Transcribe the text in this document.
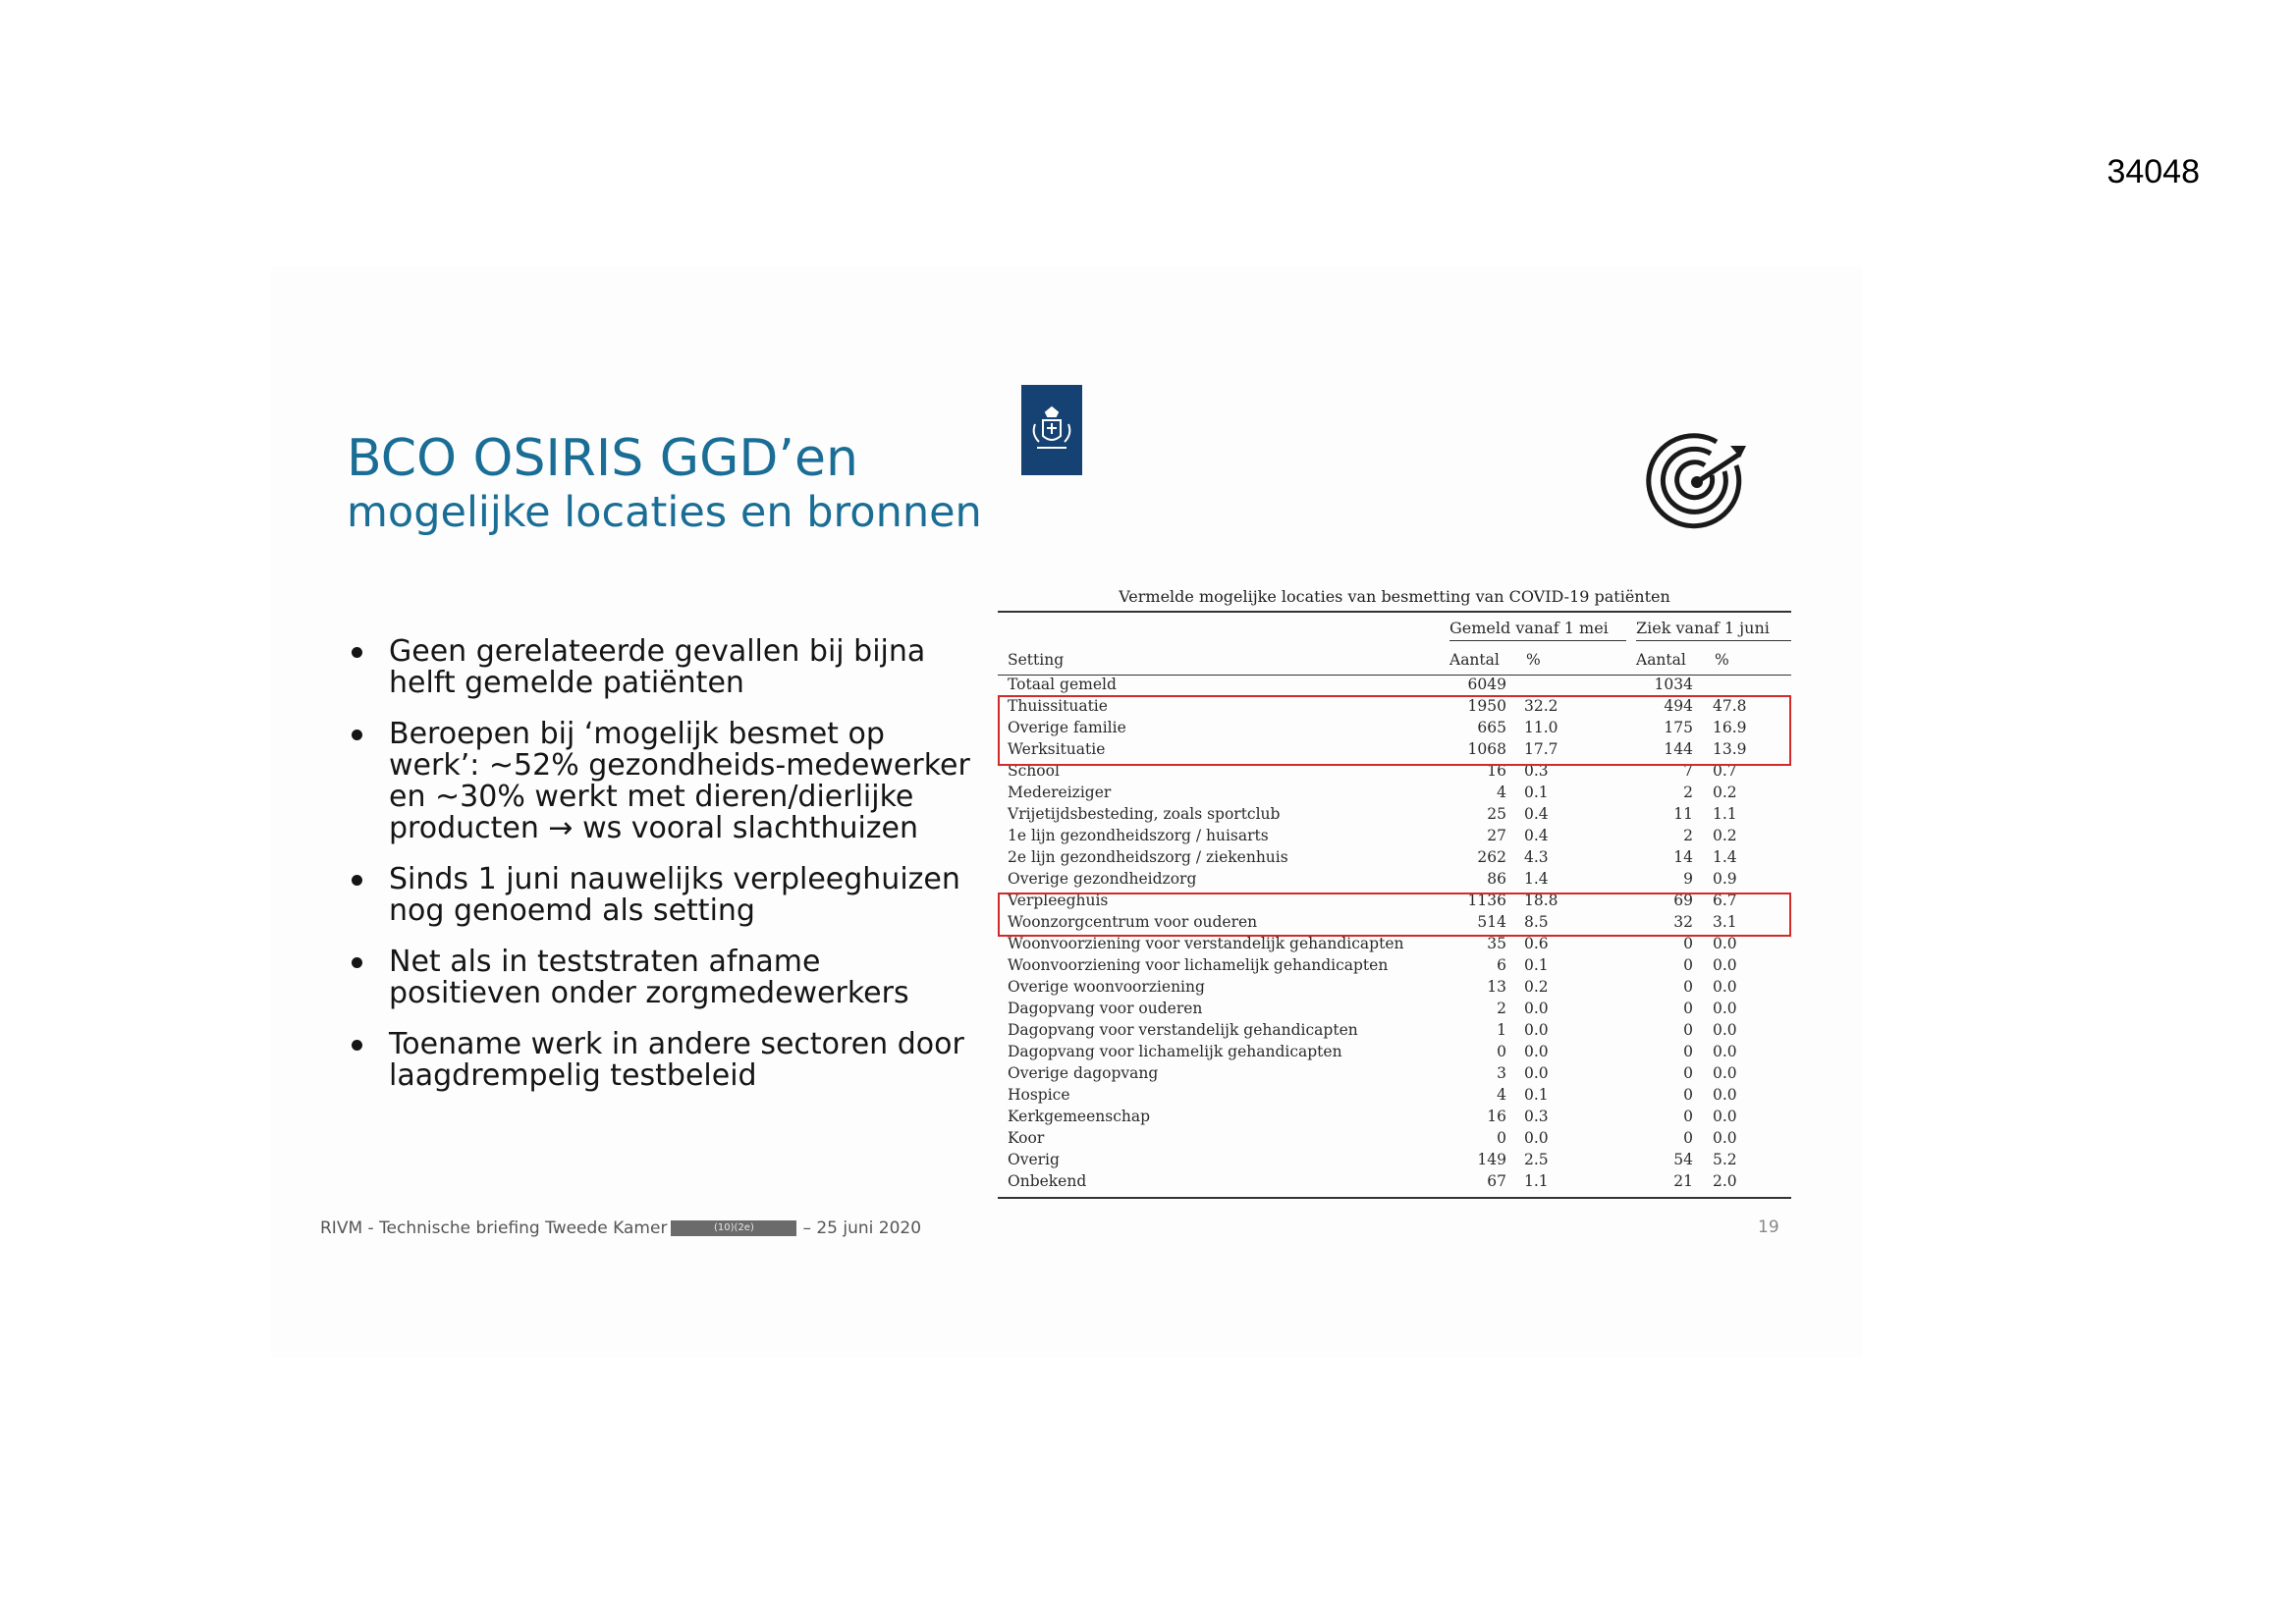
34048
BCO OSIRIS GGD’en
mogelijke locaties en bronnen
Geen gerelateerde gevallen bij bijna helft gemelde patiënten
Beroepen bij ‘mogelijk besmet op werk’: ~52% gezondheids-medewerker en ~30% werkt met dieren/dierlijke producten → ws vooral slachthuizen
Sinds 1 juni nauwelijks verpleeghuizen nog genoemd als setting
Net als in teststraten afname positieven onder zorgmedewerkers
Toename werk in andere sectoren door laagdrempelig testbeleid
RIVM - Technische briefing Tweede Kamer	(10)(2e)	– 25 juni 2020	19
Vermelde mogelijke locaties van besmetting van COVID-19 patiënten
Gemeld vanaf 1 mei Ziek vanaf 1 juni
Setting	Aantal %	Aantal %
Totaal gemeld	6049	1034
Thuissituatie	1950 32.2	494 47.8
Overige familie	665 11.0	175 16.9
Werksituatie	1068 17.7	144 13.9
School	16 0.3	7 0.7
Medereiziger	4 0.1	2 0.2
Vrijetijdsbesteding, zoals sportclub	25 0.4	11 1.1
1e lijn gezondheidszorg / huisarts	27 0.4	2 0.2
2e lijn gezondheidszorg / ziekenhuis	262 4.3	14 1.4
Overige gezondheidzorg	86 1.4	9 0.9
Verpleeghuis	1136 18.8	69 6.7
Woonzorgcentrum voor ouderen	514 8.5	32 3.1
Woonvoorziening voor verstandelijk gehandicapten	35 0.6	0 0.0
Woonvoorziening voor lichamelijk gehandicapten	6 0.1	0 0.0
Overige woonvoorziening	13 0.2	0 0.0
Dagopvang voor ouderen	2 0.0	0 0.0
Dagopvang voor verstandelijk gehandicapten	1 0.0	0 0.0
Dagopvang voor lichamelijk gehandicapten	0 0.0	0 0.0
Overige dagopvang	3 0.0	0 0.0
Hospice	4 0.1	0 0.0
Kerkgemeenschap	16 0.3	0 0.0
Koor	0 0.0	0 0.0
Overig	149 2.5	54 5.2
Onbekend	67 1.1	21 2.0
